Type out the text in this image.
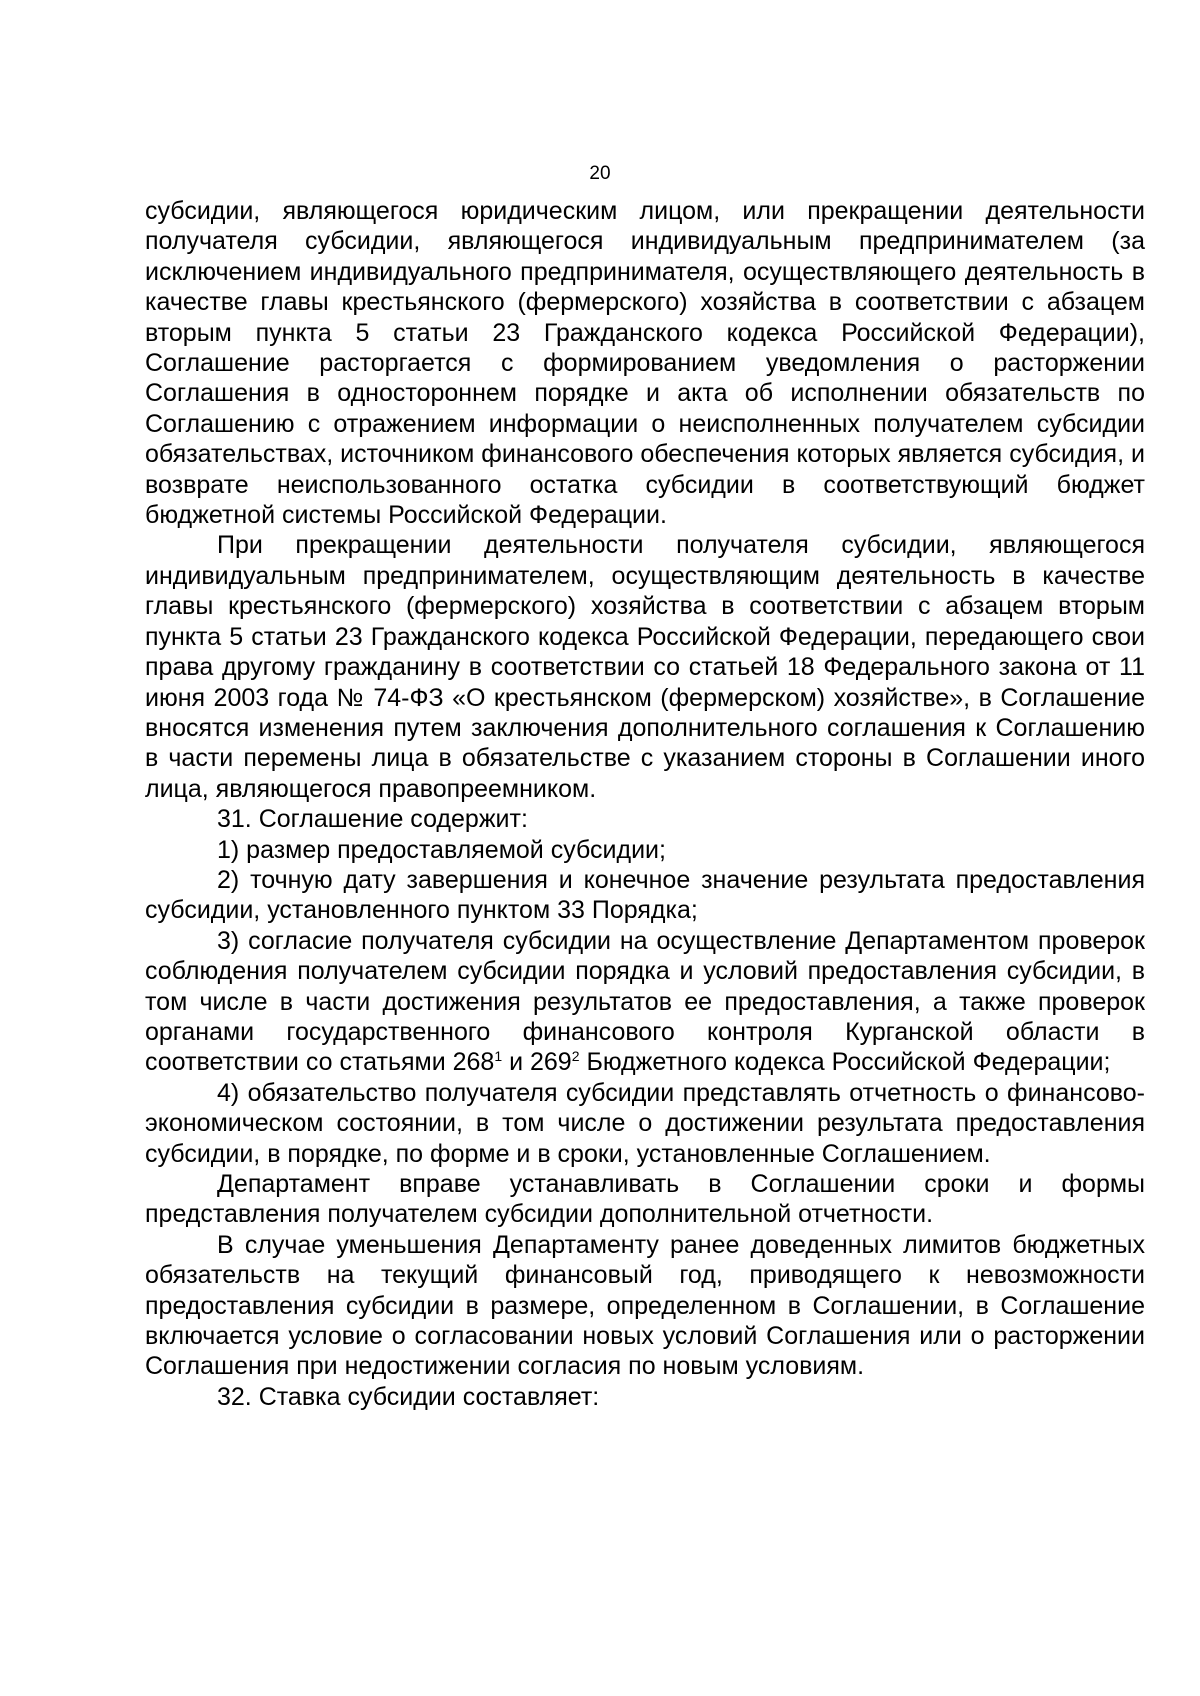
20

субсидии, являющегося юридическим лицом, или прекращении деятельности получателя субсидии, являющегося индивидуальным предпринимателем (за исключением индивидуального предпринимателя, осуществляющего деятельность в качестве главы крестьянского (фермерского) хозяйства в соответствии с абзацем вторым пункта 5 статьи 23 Гражданского кодекса Российской Федерации), Соглашение расторгается с формированием уведомления о расторжении Соглашения в одностороннем порядке и акта об исполнении обязательств по Соглашению с отражением информации о неисполненных получателем субсидии обязательствах, источником финансового обеспечения которых является субсидия, и возврате неиспользованного остатка субсидии в соответствующий бюджет бюджетной системы Российской Федерации.

При прекращении деятельности получателя субсидии, являющегося индивидуальным предпринимателем, осуществляющим деятельность в качестве главы крестьянского (фермерского) хозяйства в соответствии с абзацем вторым пункта 5 статьи 23 Гражданского кодекса Российской Федерации, передающего свои права другому гражданину в соответствии со статьей 18 Федерального закона от 11 июня 2003 года № 74-ФЗ «О крестьянском (фермерском) хозяйстве», в Соглашение вносятся изменения путем заключения дополнительного соглашения к Соглашению в части перемены лица в обязательстве с указанием стороны в Соглашении иного лица, являющегося правопреемником.

31. Соглашение содержит:

1) размер предоставляемой субсидии;

2) точную дату завершения и конечное значение результата предоставления субсидии, установленного пунктом 33 Порядка;

3) согласие получателя субсидии на осуществление Департаментом проверок соблюдения получателем субсидии порядка и условий предоставления субсидии, в том числе в части достижения результатов ее предоставления, а также проверок органами государственного финансового контроля Курганской области в соответствии со статьями $268^1$ и $269^2$ Бюджетного кодекса Российской Федерации;

4) обязательство получателя субсидии представлять отчетность о финансово-экономическом состоянии, в том числе о достижении результата предоставления субсидии, в порядке, по форме и в сроки, установленные Соглашением.

Департамент вправе устанавливать в Соглашении сроки и формы представления получателем субсидии дополнительной отчетности.

В случае уменьшения Департаменту ранее доведенных лимитов бюджетных обязательств на текущий финансовый год, приводящего к невозможности предоставления субсидии в размере, определенном в Соглашении, в Соглашение включается условие о согласовании новых условий Соглашения или о расторжении Соглашения при недостижении согласия по новым условиям.

32. Ставка субсидии составляет:
